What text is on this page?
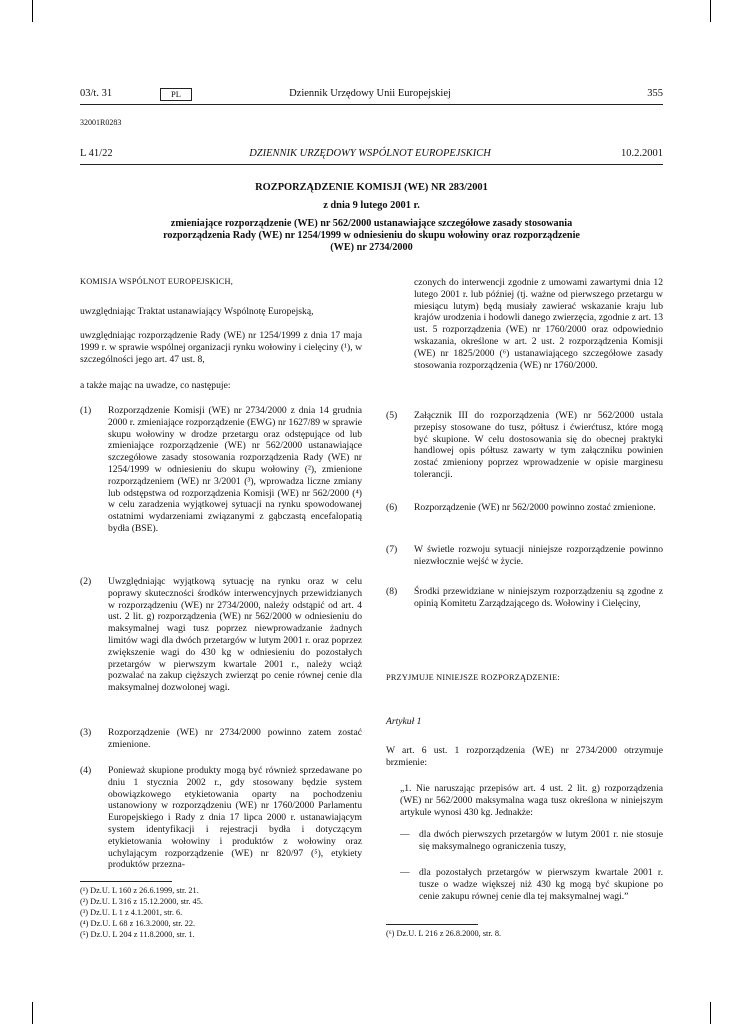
03/t. 31	PL	Dziennik Urzędowy Unii Europejskiej	355
32001R0283
L 41/22	DZIENNIK URZĘDOWY WSPÓLNOT EUROPEJSKICH	10.2.2001
ROZPORZĄDZENIE KOMISJI (WE) NR 283/2001
z dnia 9 lutego 2001 r.
zmieniające rozporządzenie (WE) nr 562/2000 ustanawiające szczegółowe zasady stosowania
rozporządzenia Rady (WE) nr 1254/1999 w odniesieniu do skupu wołowiny oraz rozporządzenie
(WE) nr 2734/2000
KOMISJA WSPÓLNOT EUROPEJSKICH,
uwzględniając Traktat ustanawiający Wspólnotę Europejską,
uwzględniając rozporządzenie Rady (WE) nr 1254/1999 z dnia 17 maja 1999 r. w sprawie wspólnej organizacji rynku wołowiny i cielęciny (¹), w szczególności jego art. 47 ust. 8,
a także mając na uwadze, co następuje:
(1) Rozporządzenie Komisji (WE) nr 2734/2000 z dnia 14 grudnia 2000 r. zmieniające rozporządzenie (EWG) nr 1627/89 w sprawie skupu wołowiny w drodze przetargu oraz odstępujące od lub zmieniające rozporządzenie (WE) nr 562/2000 ustanawiające szczegółowe zasady stosowania rozporządzenia Rady (WE) nr 1254/1999 w odniesieniu do skupu wołowiny (²), zmienione rozporządzeniem (WE) nr 3/2001 (³), wprowadza liczne zmiany lub odstępstwa od rozporządzenia Komisji (WE) nr 562/2000 (⁴) w celu zaradzenia wyjątkowej sytuacji na rynku spowodowanej ostatnimi wydarzeniami związanymi z gąbczastą encefalopatią bydła (BSE).
(2) Uwzględniając wyjątkową sytuację na rynku oraz w celu poprawy skuteczności środków interwencyjnych przewidzianych w rozporządzeniu (WE) nr 2734/2000, należy odstąpić od art. 4 ust. 2 lit. g) rozporządzenia (WE) nr 562/2000 w odniesieniu do maksymalnej wagi tusz poprzez niewprowadzanie żadnych limitów wagi dla dwóch przetargów w lutym 2001 r. oraz poprzez zwiększenie wagi do 430 kg w odniesieniu do pozostałych przetargów w pierwszym kwartale 2001 r., należy wciąż pozwalać na zakup cięższych zwierząt po cenie równej cenie dla maksymalnej dozwolonej wagi.
(3) Rozporządzenie (WE) nr 2734/2000 powinno zatem zostać zmienione.
(4) Ponieważ skupione produkty mogą być również sprzedawane po dniu 1 stycznia 2002 r., gdy stosowany będzie system obowiązkowego etykietowania oparty na pochodzeniu ustanowiony w rozporządzeniu (WE) nr 1760/2000 Parlamentu Europejskiego i Rady z dnia 17 lipca 2000 r. ustanawiającym system identyfikacji i rejestracji bydła i dotyczącym etykietowania wołowiny i produktów z wołowiny oraz uchylającym rozporządzenie (WE) nr 820/97 (⁵), etykiety produktów przezna-
(¹) Dz.U. L 160 z 26.6.1999, str. 21.
(²) Dz.U. L 316 z 15.12.2000, str. 45.
(³) Dz.U. L 1 z 4.1.2001, str. 6.
(⁴) Dz.U. L 68 z 16.3.2000, str. 22.
(⁵) Dz.U. L 204 z 11.8.2000, str. 1.
czonych do interwencji zgodnie z umowami zawartymi dnia 12 lutego 2001 r. lub później (tj. ważne od pierwszego przetargu w miesiącu lutym) będą musiały zawierać wskazanie kraju lub krajów urodzenia i hodowli danego zwierzęcia, zgodnie z art. 13 ust. 5 rozporządzenia (WE) nr 1760/2000 oraz odpowiednio wskazania, określone w art. 2 ust. 2 rozporządzenia Komisji (WE) nr 1825/2000 (⁶) ustanawiającego szczegółowe zasady stosowania rozporządzenia (WE) nr 1760/2000.
(5) Załącznik III do rozporządzenia (WE) nr 562/2000 ustala przepisy stosowane do tusz, półtusz i ćwierćtusz, które mogą być skupione. W celu dostosowania się do obecnej praktyki handlowej opis półtusz zawarty w tym załączniku powinien zostać zmieniony poprzez wprowadzenie w opisie marginesu tolerancji.
(6) Rozporządzenie (WE) nr 562/2000 powinno zostać zmienione.
(7) W świetle rozwoju sytuacji niniejsze rozporządzenie powinno niezwłocznie wejść w życie.
(8) Środki przewidziane w niniejszym rozporządzeniu są zgodne z opinią Komitetu Zarządzającego ds. Wołowiny i Cielęciny,
PRZYJMUJE NINIEJSZE ROZPORZĄDZENIE:
Artykuł 1
W art. 6 ust. 1 rozporządzenia (WE) nr 2734/2000 otrzymuje brzmienie:
„1. Nie naruszając przepisów art. 4 ust. 2 lit. g) rozporządzenia (WE) nr 562/2000 maksymalna waga tusz określona w niniejszym artykule wynosi 430 kg. Jednakże:
— dla dwóch pierwszych przetargów w lutym 2001 r. nie stosuje się maksymalnego ograniczenia tuszy,
— dla pozostałych przetargów w pierwszym kwartale 2001 r. tusze o wadze większej niż 430 kg mogą być skupione po cenie zakupu równej cenie dla tej maksymalnej wagi.”
(⁶) Dz.U. L 216 z 26.8.2000, str. 8.
